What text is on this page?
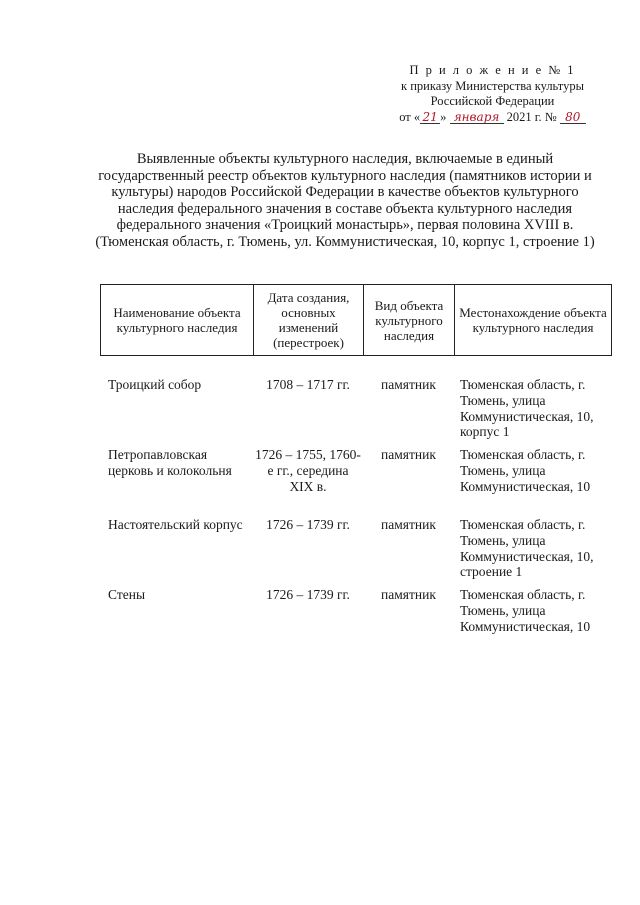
П р и л о ж е н и е № 1
к приказу Министерства культуры
Российской Федерации
от « 21 » января 2021 г. № 80
Выявленные объекты культурного наследия, включаемые в единый государственный реестр объектов культурного наследия (памятников истории и культуры) народов Российской Федерации в качестве объектов культурного наследия федерального значения в составе объекта культурного наследия федерального значения «Троицкий монастырь», первая половина XVIII в. (Тюменская область, г. Тюмень, ул. Коммунистическая, 10, корпус 1, строение 1)
Наименование объекта культурного наследия	Дата создания, основных изменений (перестроек)	Вид объекта культурного наследия	Местонахождение объекта культурного наследия
Троицкий собор	1708 – 1717 гг.	памятник	Тюменская область, г. Тюмень, улица Коммунистическая, 10, корпус 1
Петропавловская церковь и колокольня	1726 – 1755, 1760-е гг., середина XIX в.	памятник	Тюменская область, г. Тюмень, улица Коммунистическая, 10
Настоятельский корпус	1726 – 1739 гг.	памятник	Тюменская область, г. Тюмень, улица Коммунистическая, 10, строение 1
Стены	1726 – 1739 гг.	памятник	Тюменская область, г. Тюмень, улица Коммунистическая, 10
